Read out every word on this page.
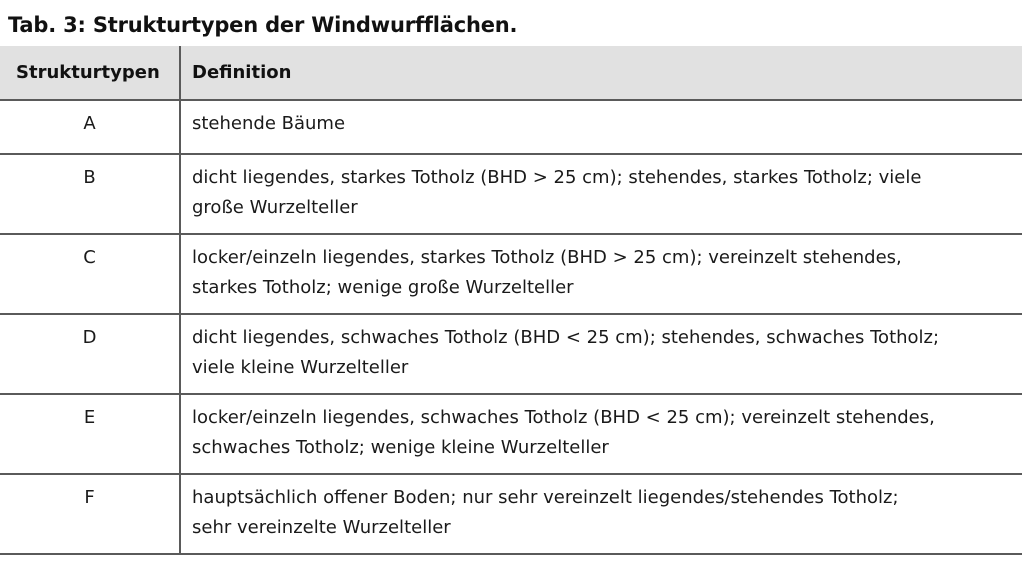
Tab. 3: Strukturtypen der Windwurfflächen.
Strukturtypen	Definition
A	stehende Bäume

B	dicht liegendes, starkes Totholz (BHD > 25 cm); stehendes, starkes Totholz; viele
große Wurzelteller

C	locker/einzeln liegendes, starkes Totholz (BHD > 25 cm); vereinzelt stehendes,
starkes Totholz; wenige große Wurzelteller

D	dicht liegendes, schwaches Totholz (BHD < 25 cm); stehendes, schwaches Totholz;
viele kleine Wurzelteller

E	locker/einzeln liegendes, schwaches Totholz (BHD < 25 cm); vereinzelt stehendes,
schwaches Totholz; wenige kleine Wurzelteller

F	hauptsächlich offener Boden; nur sehr vereinzelt liegendes/stehendes Totholz;
sehr vereinzelte Wurzelteller
